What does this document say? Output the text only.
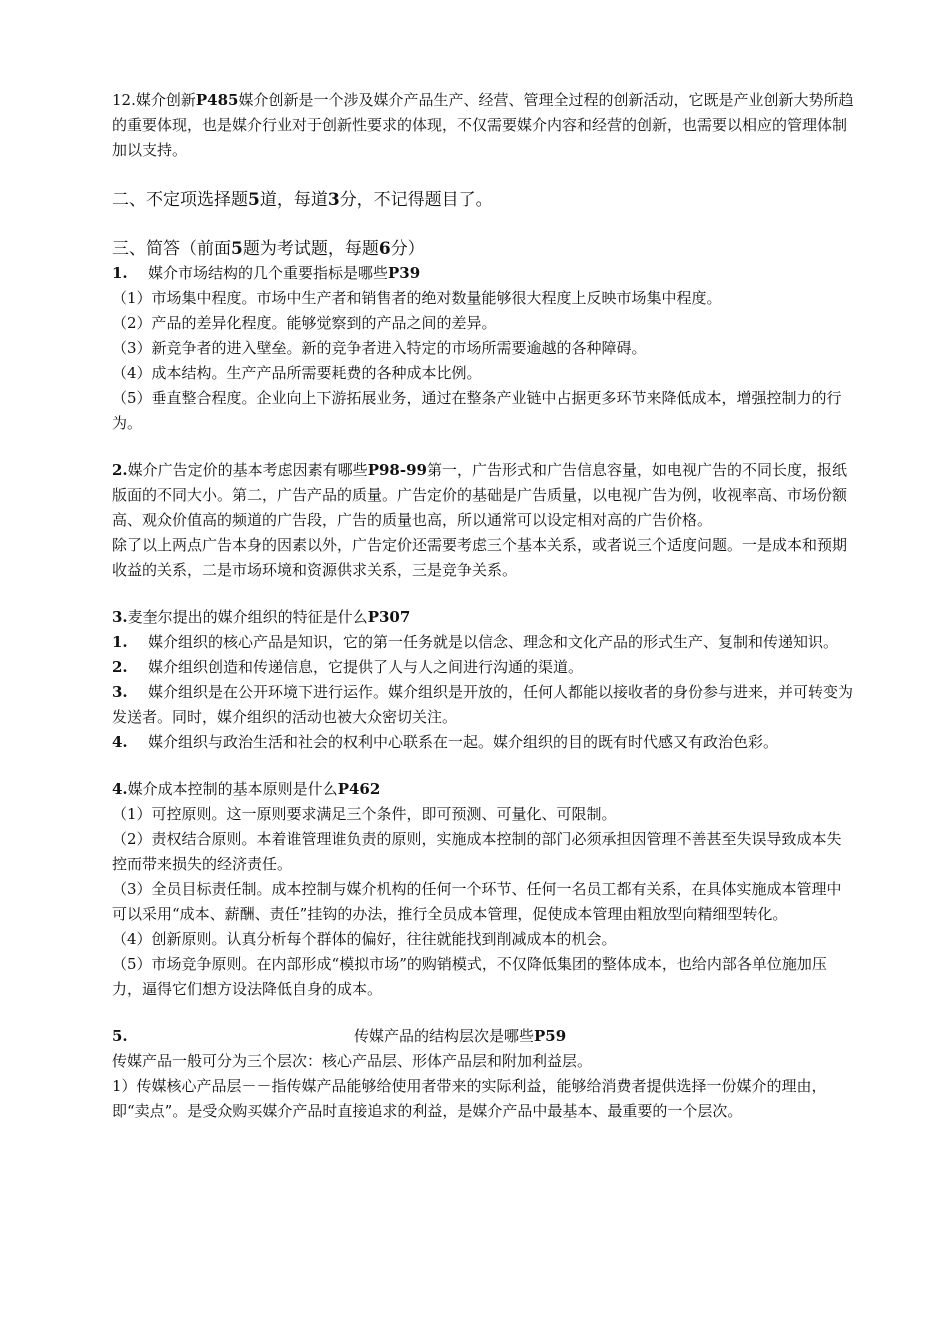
12.媒介创新P485媒介创新是一个涉及媒介产品生产、经营、管理全过程的创新活动，它既是产业创新大势所趋的重要体现，也是媒介行业对于创新性要求的体现，不仅需要媒介内容和经营的创新，也需要以相应的管理体制加以支持。

二、不定项选择题5道，每道3分，不记得题目了。

三、简答（前面5题为考试题，每题6分）

1. 媒介市场结构的几个重要指标是哪些P39

（1）市场集中程度。市场中生产者和销售者的绝对数量能够很大程度上反映市场集中程度。

（2）产品的差异化程度。能够觉察到的产品之间的差异。

（3）新竞争者的进入壁垒。新的竞争者进入特定的市场所需要逾越的各种障碍。

（4）成本结构。生产产品所需要耗费的各种成本比例。

（5）垂直整合程度。企业向上下游拓展业务，通过在整条产业链中占据更多环节来降低成本，增强控制力的行为。

2.媒介广告定价的基本考虑因素有哪些P98-99第一，广告形式和广告信息容量，如电视广告的不同长度，报纸版面的不同大小。第二，广告产品的质量。广告定价的基础是广告质量，以电视广告为例，收视率高、市场份额高、观众价值高的频道的广告段，广告的质量也高，所以通常可以设定相对高的广告价格。

除了以上两点广告本身的因素以外，广告定价还需要考虑三个基本关系，或者说三个适度问题。一是成本和预期收益的关系，二是市场环境和资源供求关系，三是竞争关系。

3.麦奎尔提出的媒介组织的特征是什么P307

1. 媒介组织的核心产品是知识，它的第一任务就是以信念、理念和文化产品的形式生产、复制和传递知识。

2. 媒介组织创造和传递信息，它提供了人与人之间进行沟通的渠道。

3. 媒介组织是在公开环境下进行运作。媒介组织是开放的，任何人都能以接收者的身份参与进来，并可转变为发送者。同时，媒介组织的活动也被大众密切关注。

4. 媒介组织与政治生活和社会的权利中心联系在一起。媒介组织的目的既有时代感又有政治色彩。

4.媒介成本控制的基本原则是什么P462

（1）可控原则。这一原则要求满足三个条件，即可预测、可量化、可限制。

（2）责权结合原则。本着谁管理谁负责的原则，实施成本控制的部门必须承担因管理不善甚至失误导致成本失控而带来损失的经济责任。

（3）全员目标责任制。成本控制与媒介机构的任何一个环节、任何一名员工都有关系，在具体实施成本管理中可以采用“成本、薪酬、责任”挂钩的办法，推行全员成本管理，促使成本管理由粗放型向精细型转化。

（4）创新原则。认真分析每个群体的偏好，往往就能找到削减成本的机会。

（5）市场竞争原则。在内部形成“模拟市场”的购销模式，不仅降低集团的整体成本，也给内部各单位施加压力，逼得它们想方设法降低自身的成本。

5.	传媒产品的结构层次是哪些P59

传媒产品一般可分为三个层次：核心产品层、形体产品层和附加利益层。

1）传媒核心产品层－－指传媒产品能够给使用者带来的实际利益，能够给消费者提供选择一份媒介的理由，即“卖点”。是受众购买媒介产品时直接追求的利益，是媒介产品中最基本、最重要的一个层次。
